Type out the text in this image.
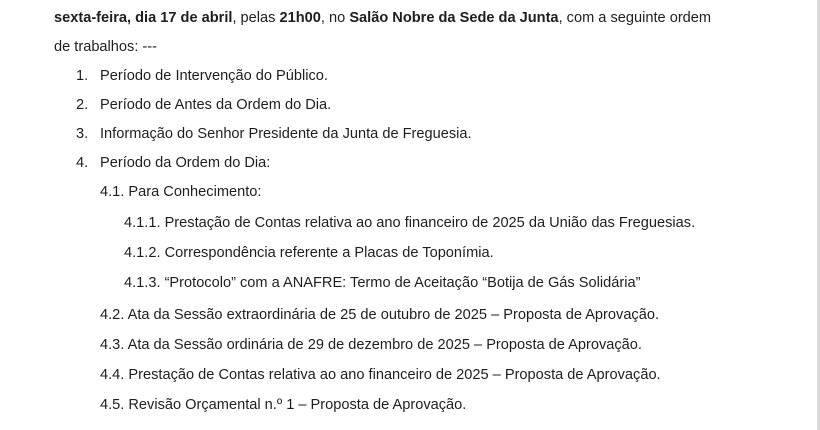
sexta-feira, dia 17 de abril, pelas 21h00, no Salão Nobre da Sede da Junta, com a seguinte ordem
de trabalhos: ---
1. Período de Intervenção do Público.
2. Período de Antes da Ordem do Dia.
3. Informação do Senhor Presidente da Junta de Freguesia.
4. Período da Ordem do Dia:
4.1. Para Conhecimento:
4.1.1. Prestação de Contas relativa ao ano financeiro de 2025 da União das Freguesias.
4.1.2. Correspondência referente a Placas de Toponímia.
4.1.3. “Protocolo” com a ANAFRE: Termo de Aceitação “Botija de Gás Solidária”
4.2. Ata da Sessão extraordinária de 25 de outubro de 2025 – Proposta de Aprovação.
4.3. Ata da Sessão ordinária de 29 de dezembro de 2025 – Proposta de Aprovação.
4.4. Prestação de Contas relativa ao ano financeiro de 2025 – Proposta de Aprovação.
4.5. Revisão Orçamental n.º 1 – Proposta de Aprovação.
